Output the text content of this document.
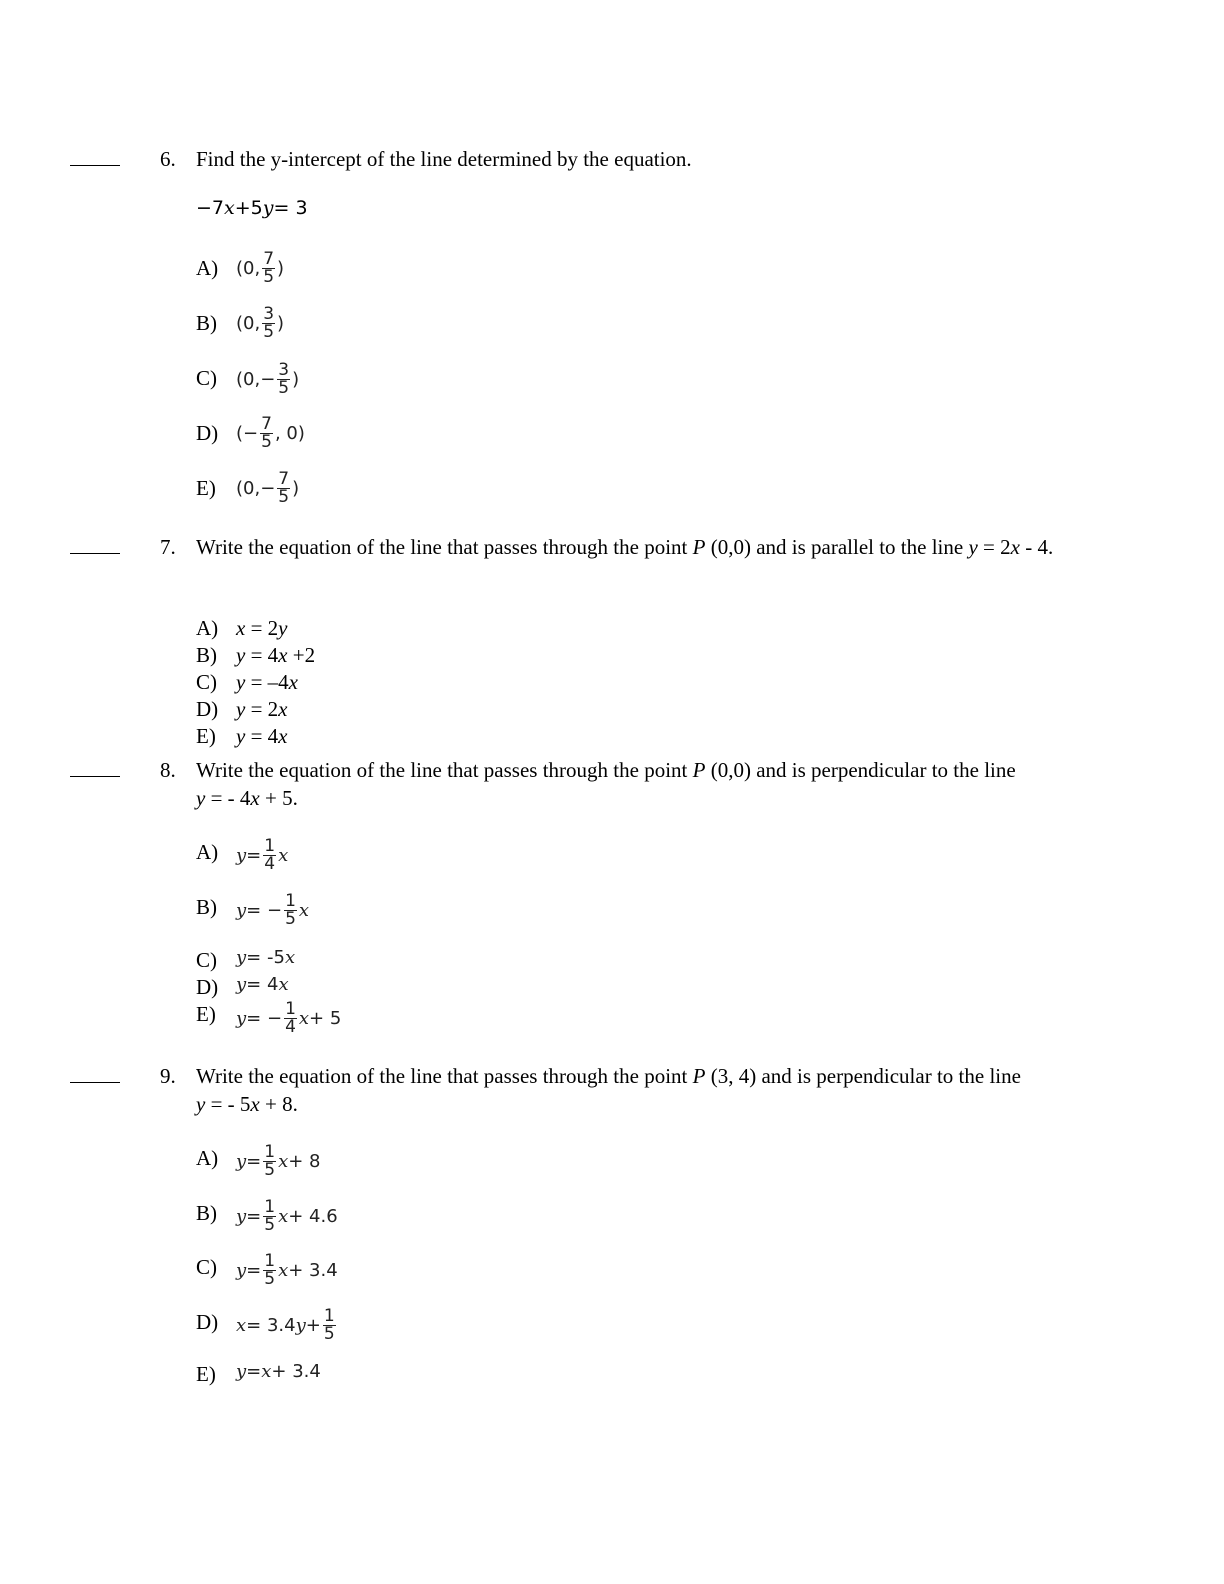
6. Find the y-intercept of the line determined by the equation.
−7x+5y= 3
A) (0, $\frac{7}{5}$ )
B)	(0, $\frac{3}{5}$ )
C)	(0, − $\frac{3}{5}$ )
D) ( − $\frac{7}{5}$ , 0)
E)	(0, − $\frac{7}{5}$ )
7. Write the equation of the line that passes through the point P (0,0) and is parallel to the line y = 2x - 4.
A) x = 2y
B) y = 4x +2
C) y = –4x
D) y = 2x
E) y = 4x
8. Write the equation of the line that passes through the point P (0,0) and is perpendicular to the line
y = - 4x + 5.
A) $y = \frac{1}{4}$ x
B)	y = − $\frac{1}{5}$ x
C)	y = -5 x
D) y = 4 x
E)	y = − $\frac{1}{4}$ x + 5
9. Write the equation of the line that passes through the point P (3, 4) and is perpendicular to the line
y = - 5x + 8.
A) $y = \frac{1}{5}$ x + 8
B)	$y = \frac{1}{5}$ x + 4.6
C)	$y = \frac{1}{5}$ x + 3.4
D) x = 3.4 $y + \frac{1}{5}$
E)	y = x + 3.4
